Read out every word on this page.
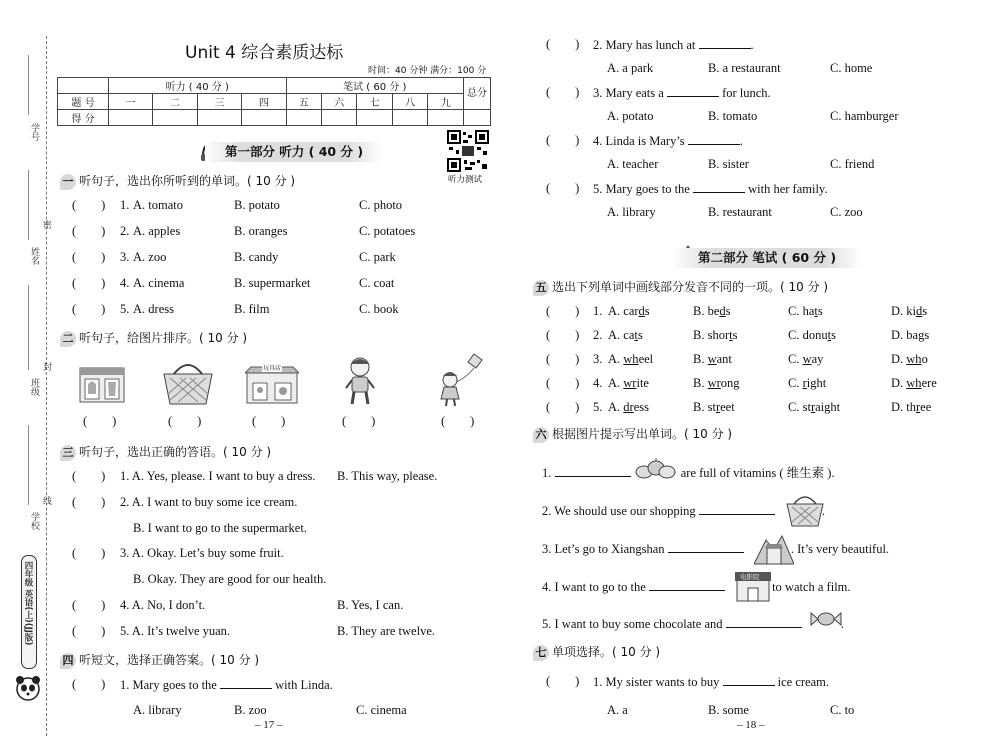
学号
姓名
密
班级
封
学校
线
四年级 英语(上)(JJ版)
Unit 4 综合素质达标
时间：40 分钟 满分：100 分
	听力 ( 40 分 )				笔试 ( 60 分 )					总分
题 号	一	二	三	四	五	六	七	八	九	
得 分										
听力测试
第一部分 听力 ( 40 分 )
一 听句子，选出你所听到的单词。( 10 分 )
(        ) 1. A. tomato	B. potato	C. photo
(        ) 2. A. apples	B. oranges	C. potatoes
(        ) 3. A. zoo	B. candy	C. park
(        ) 4. A. cinema	B. supermarket	C. coat
(        ) 5. A. dress	B. film	C. book
二 听句子，给图片排序。( 10 分 )
玩具店
(        )	(        )	(        )	(        )	(        )
三 听句子，选出正确的答语。( 10 分 )
(        ) 1. A. Yes, please. I want to buy a dress. B. This way, please.
(        ) 2. A. I want to buy some ice cream.
B. I want to go to the supermarket.
(        ) 3. A. Okay. Let’s buy some fruit.
B. Okay. They are good for our health.
(        ) 4. A. No, I don’t.	B. Yes, I can.
(        ) 5. A. It’s twelve yuan.	B. They are twelve.
四 听短文，选择正确答案。( 10 分 )
(        ) 1. Mary goes to the	with Linda.
A. library	B. zoo	C. cinema
– 17 –
(        ) 2. Mary has lunch at	.
A. a park	B. a restaurant	C. home
(        ) 3. Mary eats a	for lunch.
A. potato	B. tomato	C. hamburger
(        ) 4. Linda is Mary’s	.
A. teacher	B. sister	C. friend
(        ) 5. Mary goes to the	with her family.
A. library	B. restaurant	C. zoo
第二部分 笔试 ( 60 分 )
五 选出下列单词中画线部分发音不同的一项。( 10 分 )
(        ) 1. A. cards	B. beds	C. hats	D. kids
(        ) 2. A. cats	B. shorts	C. donuts	D. bags
(        ) 3. A. wheel	B. want	C. way	D. who
(        ) 4. A. write	B. wrong	C. right	D. where
(        ) 5. A. dress	B. street	C. straight	D. three
六 根据图片提示写出单词。( 10 分 )
1.	are full of vitamins ( 维生素 ).
2. We should use our shopping	.
3. Let’s go to Xiangshan	. It’s very beautiful.
4. I want to go to the	to watch a film.
电影院
5. I want to buy some chocolate and	.
七 单项选择。( 10 分 )
(        ) 1. My sister wants to buy	ice cream.
A. a	B. some	C. to
– 18 –
